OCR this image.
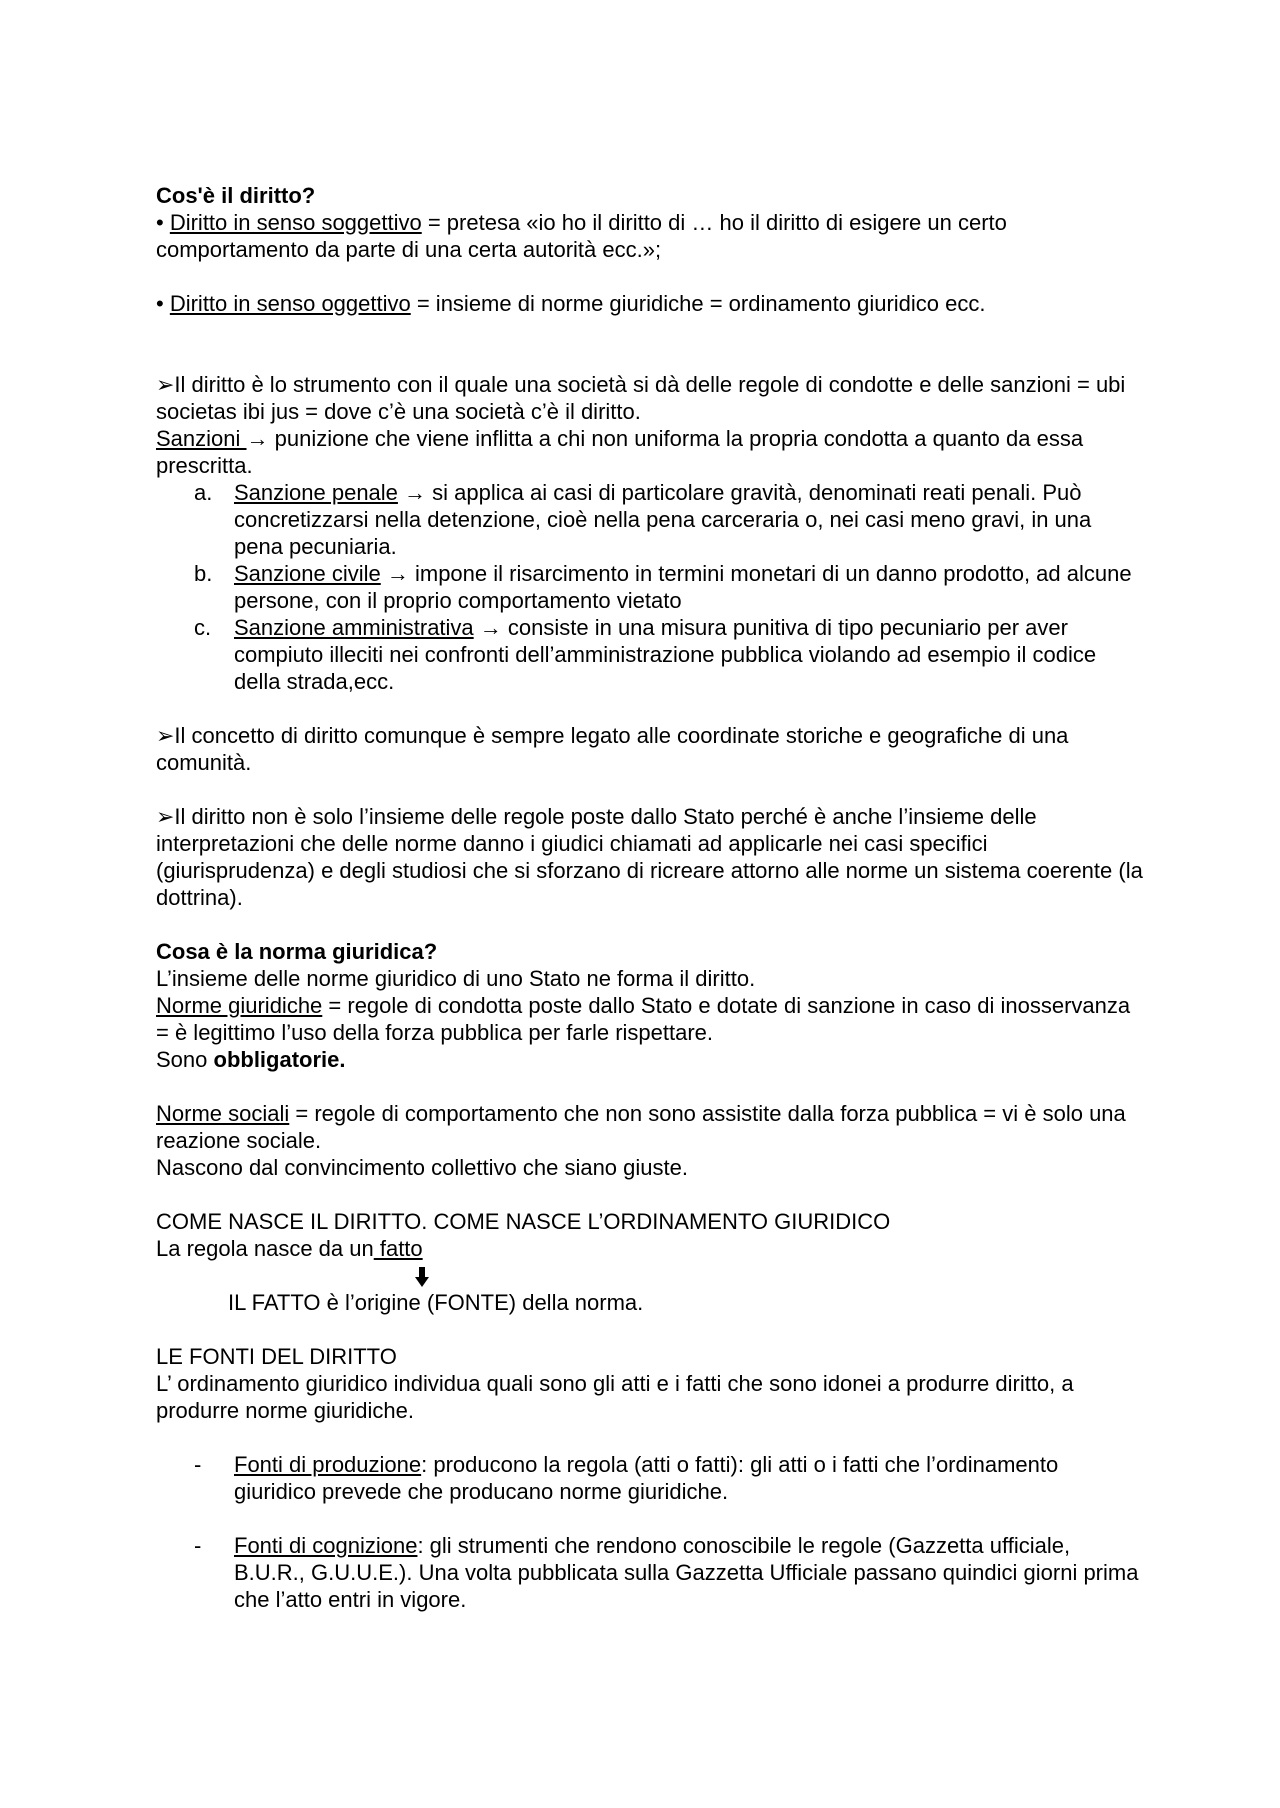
Cos'è il diritto?

• Diritto in senso soggettivo = pretesa «io ho il diritto di … ho il diritto di esigere un certo comportamento da parte di una certa autorità ecc.»;

• Diritto in senso oggettivo = insieme di norme giuridiche = ordinamento giuridico ecc.

➢Il diritto è lo strumento con il quale una società si dà delle regole di condotte e delle sanzioni = ubi societas ibi jus = dove c’è una società c’è il diritto.

Sanzioni → punizione che viene inflitta a chi non uniforma la propria condotta a quanto da essa prescritta.

a. Sanzione penale → si applica ai casi di particolare gravità, denominati reati penali. Può concretizzarsi nella detenzione, cioè nella pena carceraria o, nei casi meno gravi, in una pena pecuniaria.

b. Sanzione civile → impone il risarcimento in termini monetari di un danno prodotto, ad alcune persone, con il proprio comportamento vietato

c. Sanzione amministrativa → consiste in una misura punitiva di tipo pecuniario per aver compiuto illeciti nei confronti dell’amministrazione pubblica violando ad esempio il codice della strada,ecc.

➢Il concetto di diritto comunque è sempre legato alle coordinate storiche e geografiche di una comunità.

➢Il diritto non è solo l’insieme delle regole poste dallo Stato perché è anche l’insieme delle interpretazioni che delle norme danno i giudici chiamati ad applicarle nei casi specifici (giurisprudenza) e degli studiosi che si sforzano di ricreare attorno alle norme un sistema coerente (la dottrina).

Cosa è la norma giuridica?

L’insieme delle norme giuridico di uno Stato ne forma il diritto.

Norme giuridiche = regole di condotta poste dallo Stato e dotate di sanzione in caso di inosservanza = è legittimo l’uso della forza pubblica per farle rispettare.

Sono obbligatorie.

Norme sociali = regole di comportamento che non sono assistite dalla forza pubblica = vi è solo una reazione sociale.

Nascono dal convincimento collettivo che siano giuste.

COME NASCE IL DIRITTO. COME NASCE L’ORDINAMENTO GIURIDICO

La regola nasce da un fatto

IL FATTO è l’origine (FONTE) della norma.

LE FONTI DEL DIRITTO

L’ ordinamento giuridico individua quali sono gli atti e i fatti che sono idonei a produrre diritto, a produrre norme giuridiche.

- Fonti di produzione: producono la regola (atti o fatti): gli atti o i fatti che l’ordinamento giuridico prevede che producano norme giuridiche.

- Fonti di cognizione: gli strumenti che rendono conoscibile le regole (Gazzetta ufficiale, B.U.R., G.U.U.E.). Una volta pubblicata sulla Gazzetta Ufficiale passano quindici giorni prima che l’atto entri in vigore.
